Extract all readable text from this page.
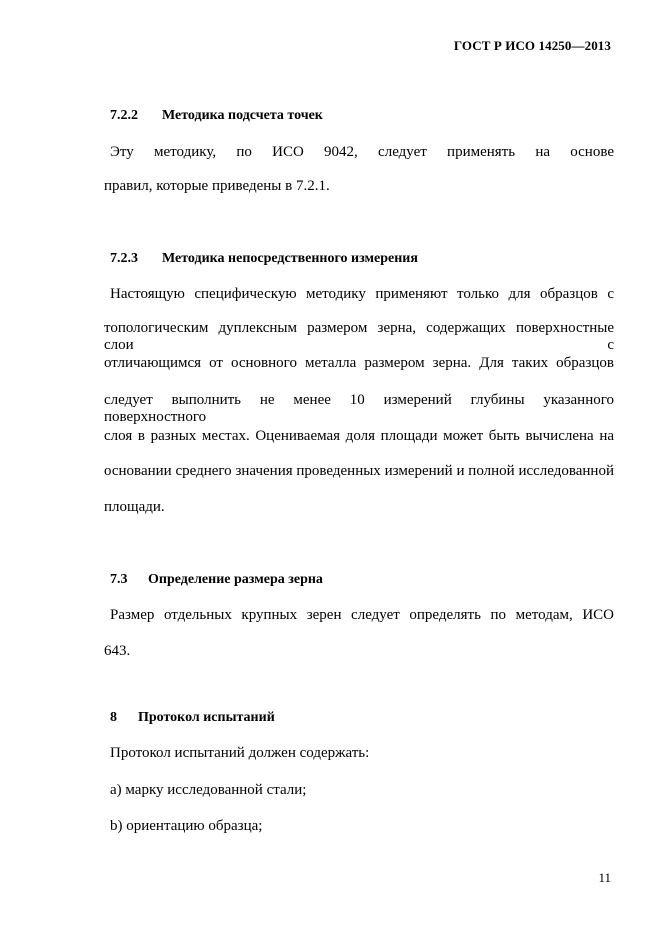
ГОСТ Р ИСО 14250—2013
7.2.2 Методика подсчета точек
Эту методику, по ИСО 9042, следует применять на основе
правил, которые приведены в 7.2.1.
7.2.3 Методика непосредственного измерения
Настоящую специфическую методику применяют только для образцов с
топологическим дуплексным размером зерна, содержащих поверхностные слои с
отличающимся от основного металла размером зерна. Для таких образцов
следует выполнить не менее 10 измерений глубины указанного поверхностного
слоя в разных местах. Оцениваемая доля площади может быть вычислена на
основании среднего значения проведенных измерений и полной исследованной
площади.
7.3 Определение размера зерна
Размер отдельных крупных зерен следует определять по методам, ИСО
643.
8 Протокол испытаний
Протокол испытаний должен содержать:
a) марку исследованной стали;
b) ориентацию образца;
11
